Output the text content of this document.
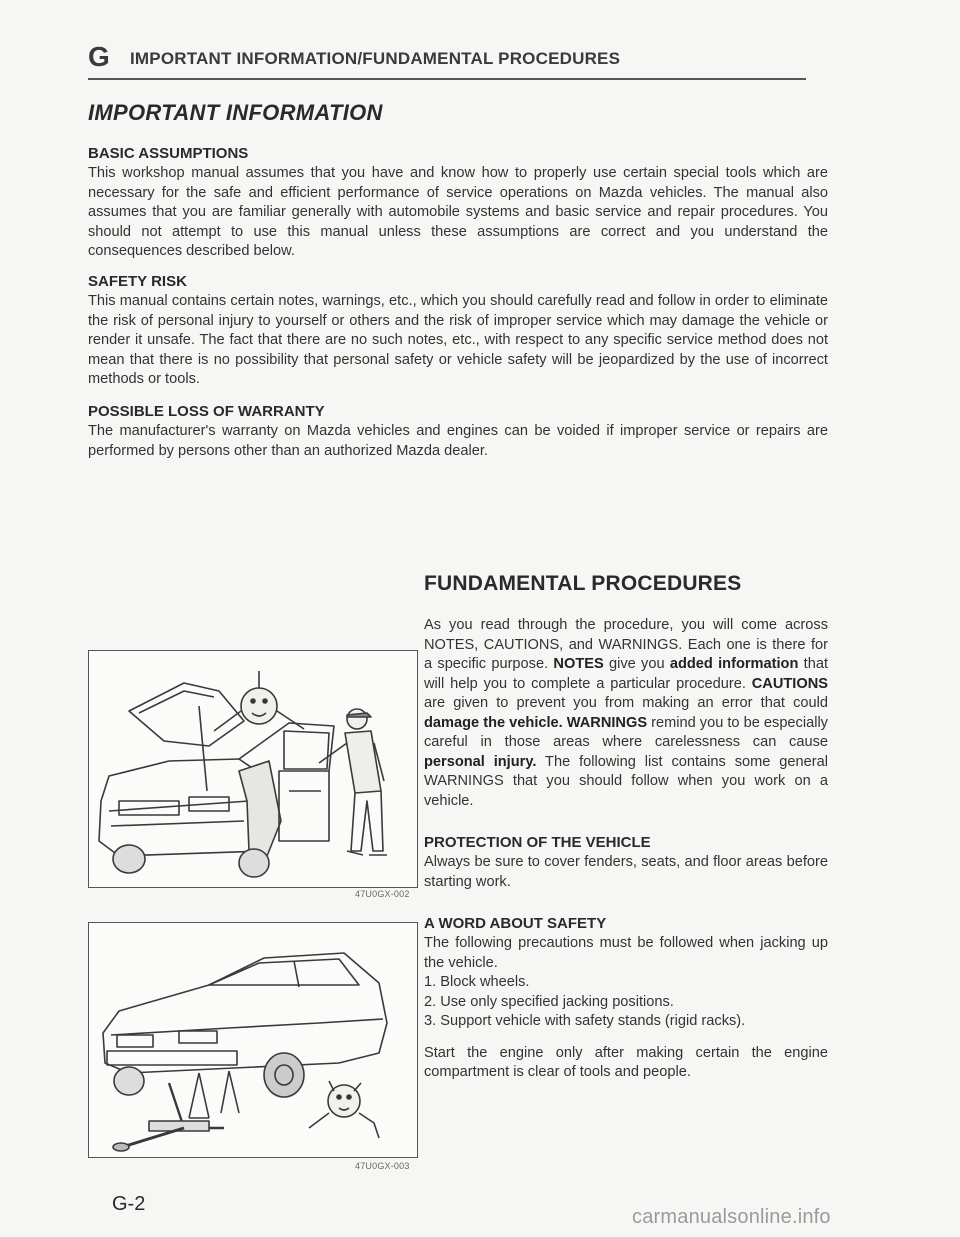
G IMPORTANT INFORMATION/FUNDAMENTAL PROCEDURES
IMPORTANT INFORMATION

BASIC ASSUMPTIONS

This workshop manual assumes that you have and know how to properly use certain special tools which are necessary for the safe and efficient performance of service operations on Mazda vehicles. The manual also assumes that you are familiar generally with automobile systems and basic service and repair procedures. You should not attempt to use this manual unless these assumptions are correct and you understand the consequences described below.

SAFETY RISK

This manual contains certain notes, warnings, etc., which you should carefully read and follow in order to eliminate the risk of personal injury to yourself or others and the risk of improper service which may damage the vehicle or render it unsafe. The fact that there are no such notes, etc., with respect to any specific service method does not mean that there is no possibility that personal safety or vehicle safety will be jeopardized by the use of incorrect methods or tools.

POSSIBLE LOSS OF WARRANTY

The manufacturer's warranty on Mazda vehicles and engines can be voided if improper service or repairs are performed by persons other than an authorized Mazda dealer.

FUNDAMENTAL PROCEDURES

As you read through the procedure, you will come across NOTES, CAUTIONS, and WARNINGS. Each one is there for a specific purpose. NOTES give you added information that will help you to complete a particular procedure. CAUTIONS are given to prevent you from making an error that could damage the vehicle. WARNINGS remind you to be especially careful in those areas where carelessness can cause personal injury. The following list contains some general WARNINGS that you should follow when you work on a vehicle.

PROTECTION OF THE VEHICLE

Always be sure to cover fenders, seats, and floor areas before starting work.

A WORD ABOUT SAFETY

The following precautions must be followed when jacking up the vehicle.

1. Block wheels.
2. Use only specified jacking positions.
3. Support vehicle with safety stands (rigid racks).

Start the engine only after making certain the engine compartment is clear of tools and people.

47U0GX-002
47U0GX-003
G-2
carmanualsonline.info
